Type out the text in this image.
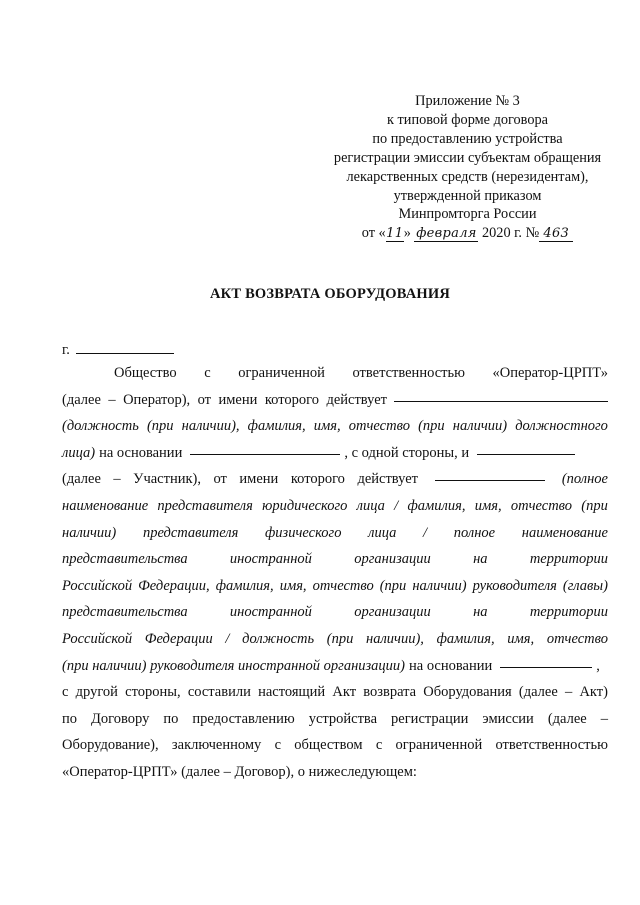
Приложение № 3
к типовой форме договора
по предоставлению устройства
регистрации эмиссии субъектам обращения
лекарственных средств (нерезидентам),
утвержденной приказом
Минпромторга России
от «11» февраля 2020 г. № 463
АКТ ВОЗВРАТА ОБОРУДОВАНИЯ
г.
Общество с ограниченной ответственностью «Оператор-ЦРПТ»
(далее – Оператор), от имени которого действует
(должность (при наличии), фамилия, имя, отчество (при наличии) должностного
лица) на основании	, с одной стороны, и
(далее – Участник), от имени которого действует	(полное
наименование представителя юридического лица / фамилия, имя, отчество (при
наличии) представителя физического лица / полное наименование
представительства	иностранной	организации	на	территории
Российской Федерации, фамилия, имя, отчество (при наличии) руководителя (главы)
представительства	иностранной	организации	на	территории
Российской Федерации / должность (при наличии), фамилия, имя, отчество
(при наличии) руководителя иностранной организации) на основании	,
с другой стороны, составили настоящий Акт возврата Оборудования (далее – Акт)
по Договору по предоставлению устройства регистрации эмиссии (далее –
Оборудование), заключенному с обществом с ограниченной ответственностью
«Оператор-ЦРПТ» (далее – Договор), о нижеследующем:
